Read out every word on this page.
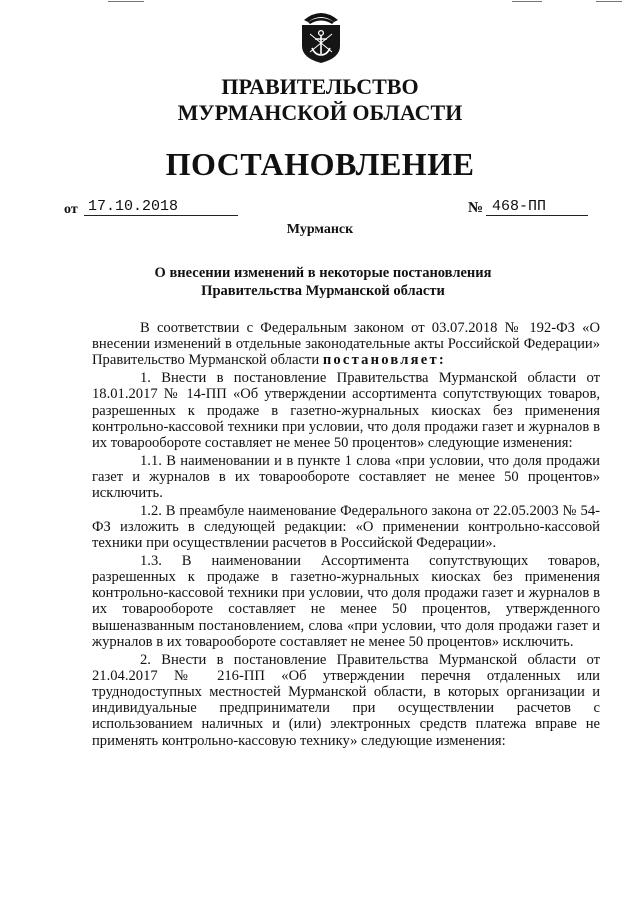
ПРАВИТЕЛЬСТВО
МУРМАНСКОЙ ОБЛАСТИ
ПОСТАНОВЛЕНИЕ
от 17.10.2018	№ 468-ПП
Мурманск
О внесении изменений в некоторые постановления
Правительства Мурманской области

В соответствии с Федеральным законом от 03.07.2018 № 192-ФЗ «О внесении изменений в отдельные законодательные акты Российской Федерации» Правительство Мурманской области постановляет:

1. Внести в постановление Правительства Мурманской области от 18.01.2017 № 14-ПП «Об утверждении ассортимента сопутствующих товаров, разрешенных к продаже в газетно-журнальных киосках без применения контрольно-кассовой техники при условии, что доля продажи газет и журналов в их товарообороте составляет не менее 50 процентов» следующие изменения:

1.1. В наименовании и в пункте 1 слова «при условии, что доля продажи газет и журналов в их товарообороте составляет не менее 50 процентов» исключить.

1.2. В преамбуле наименование Федерального закона от 22.05.2003 № 54-ФЗ изложить в следующей редакции: «О применении контрольно-кассовой техники при осуществлении расчетов в Российской Федерации».

1.3. В наименовании Ассортимента сопутствующих товаров, разрешенных к продаже в газетно-журнальных киосках без применения контрольно-кассовой техники при условии, что доля продажи газет и журналов в их товарообороте составляет не менее 50 процентов, утвержденного вышеназванным постановлением, слова «при условии, что доля продажи газет и журналов в их товарообороте составляет не менее 50 процентов» исключить.

2. Внести в постановление Правительства Мурманской области от 21.04.2017 № 216-ПП «Об утверждении перечня отдаленных или труднодоступных местностей Мурманской области, в которых организации и индивидуальные предприниматели при осуществлении расчетов с использованием наличных и (или) электронных средств платежа вправе не применять контрольно-кассовую технику» следующие изменения:
